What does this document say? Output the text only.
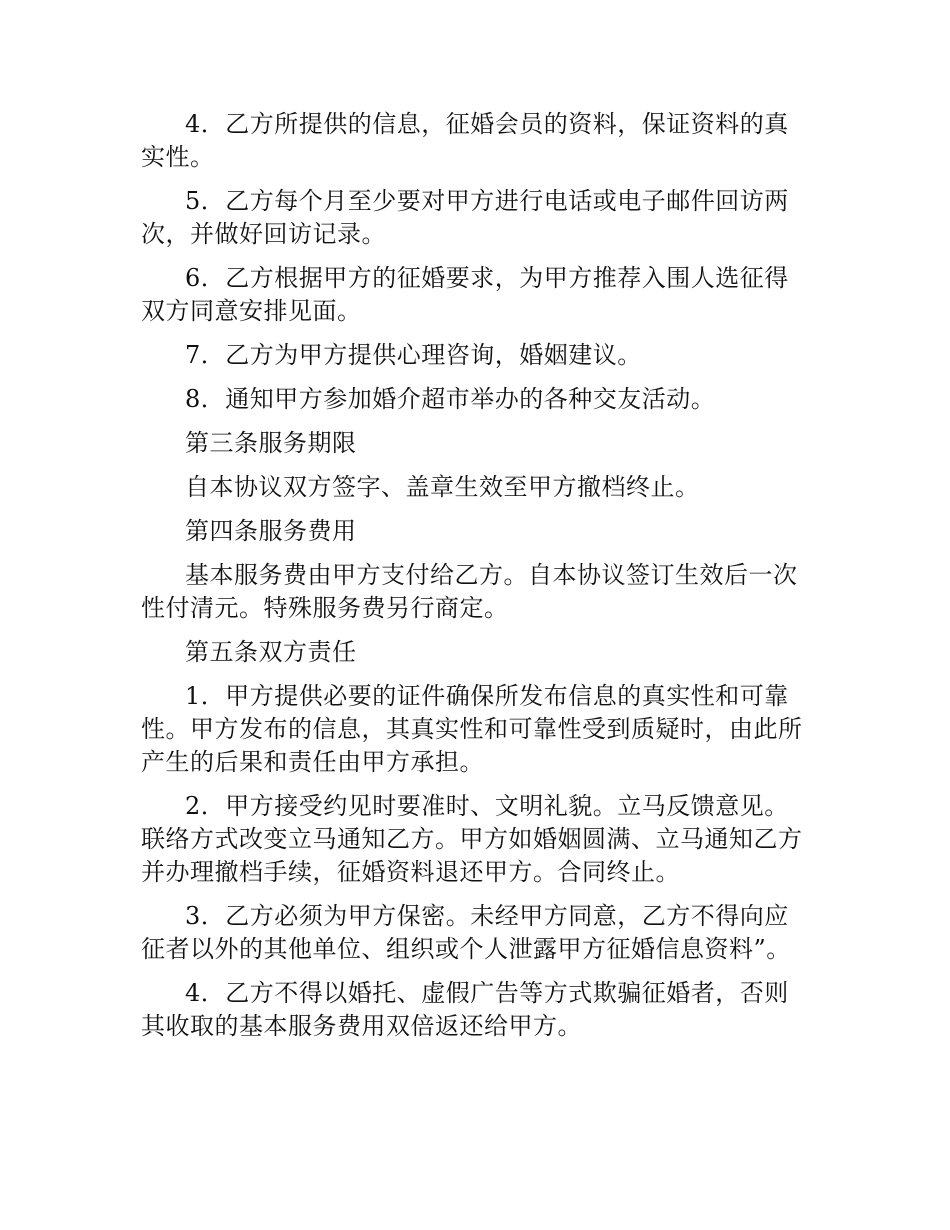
4．乙方所提供的信息，征婚会员的资料，保证资料的真实性。

5．乙方每个月至少要对甲方进行电话或电子邮件回访两次，并做好回访记录。

6．乙方根据甲方的征婚要求，为甲方推荐入围人选征得双方同意安排见面。

7．乙方为甲方提供心理咨询，婚姻建议。

8．通知甲方参加婚介超市举办的各种交友活动。

第三条服务期限

自本协议双方签字、盖章生效至甲方撤档终止。

第四条服务费用

基本服务费由甲方支付给乙方。自本协议签订生效后一次性付清元。特殊服务费另行商定。

第五条双方责任

1．甲方提供必要的证件确保所发布信息的真实性和可靠性。甲方发布的信息，其真实性和可靠性受到质疑时，由此所产生的后果和责任由甲方承担。

2．甲方接受约见时要准时、文明礼貌。立马反馈意见。联络方式改变立马通知乙方。甲方如婚姻圆满、立马通知乙方并办理撤档手续，征婚资料退还甲方。合同终止。

3．乙方必须为甲方保密。未经甲方同意，乙方不得向应征者以外的其他单位、组织或个人泄露甲方征婚信息资料”。

4．乙方不得以婚托、虚假广告等方式欺骗征婚者，否则其收取的基本服务费用双倍返还给甲方。
